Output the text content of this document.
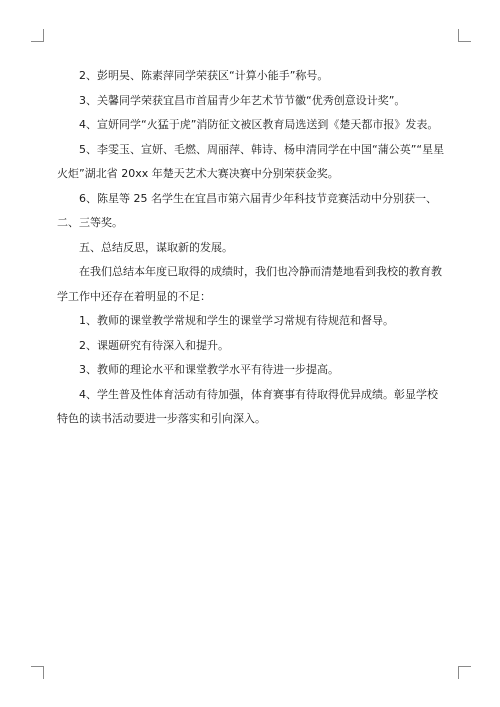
2、彭明昊、陈素萍同学荣获区“计算小能手”称号。

3、关馨同学荣获宜昌市首届青少年艺术节节徽“优秀创意设计奖”。

4、宣妍同学“火猛于虎”消防征文被区教育局选送到《楚天都市报》发表。

5、李雯玉、宣妍、毛燃、周丽萍、韩诗、杨申清同学在中国“蒲公英”“星星火炬”湖北省 20xx 年楚天艺术大赛决赛中分别荣获金奖。

6、陈星等 25 名学生在宜昌市第六届青少年科技节竞赛活动中分别获一、二、三等奖。

五、总结反思，谋取新的发展。

在我们总结本年度已取得的成绩时，我们也冷静而清楚地看到我校的教育教学工作中还存在着明显的不足：

1、教师的课堂教学常规和学生的课堂学习常规有待规范和督导。

2、课题研究有待深入和提升。

3、教师的理论水平和课堂教学水平有待进一步提高。

4、学生普及性体育活动有待加强，体育赛事有待取得优异成绩。彰显学校特色的读书活动要进一步落实和引向深入。
